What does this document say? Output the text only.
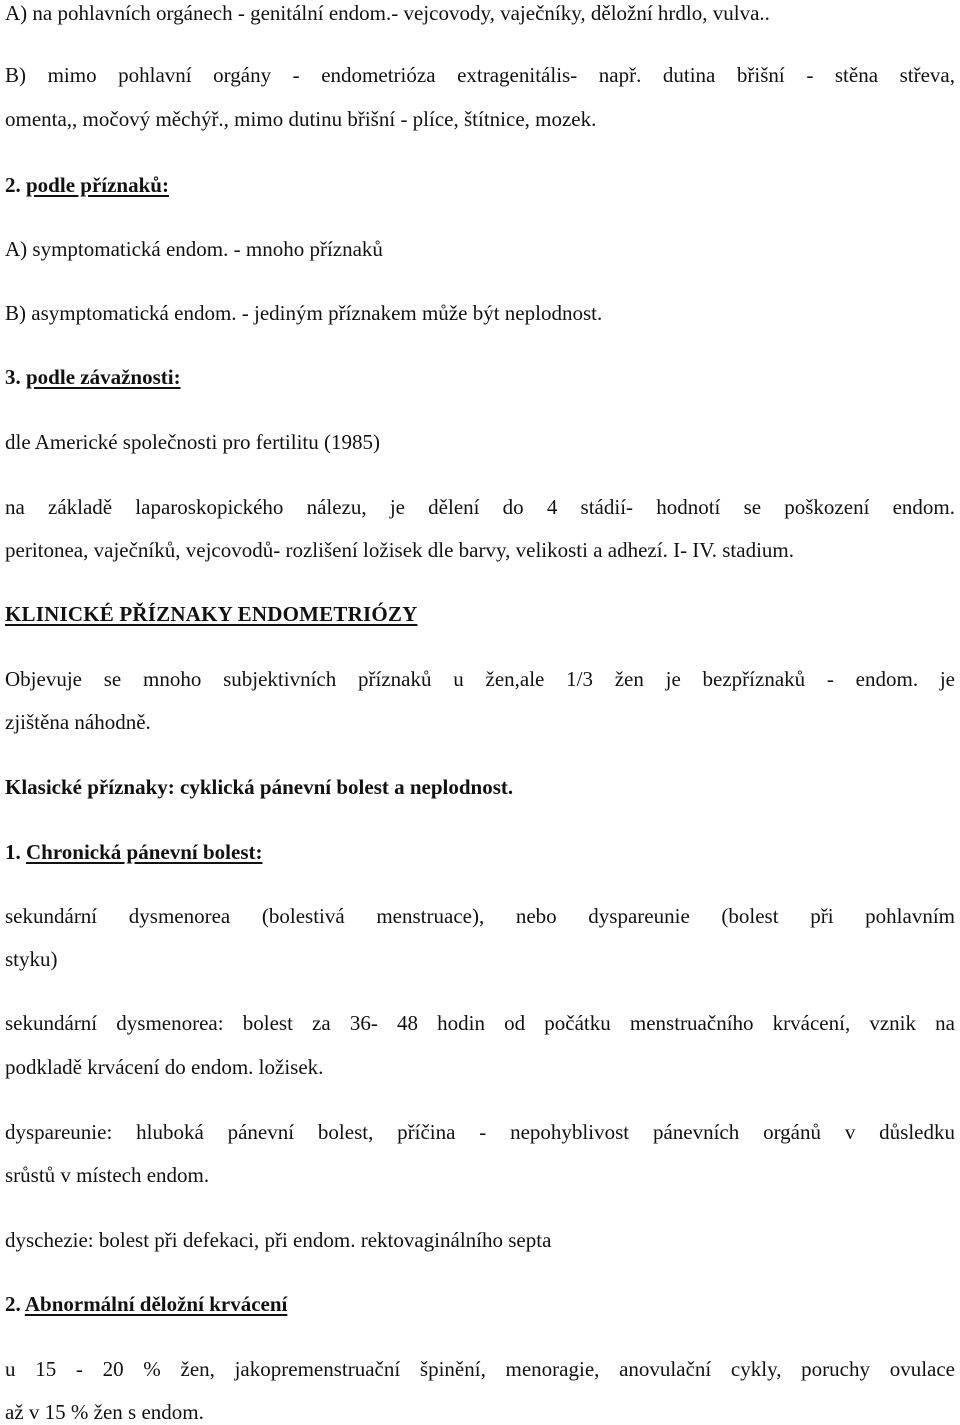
A) na pohlavních orgánech - genitální endom.- vejcovody, vaječníky, děložní hrdlo, vulva..
B) mimo pohlavní orgány - endometrióza extragenitális- např. dutina břišní - stěna střeva,
omenta,, močový měchýř., mimo dutinu břišní - plíce, štítnice, mozek.
2. podle příznaků:
A) symptomatická endom. - mnoho příznaků
B) asymptomatická endom. - jediným příznakem může být neplodnost.
3. podle závažnosti:
dle Americké společnosti pro fertilitu (1985)
na základě laparoskopického nálezu, je dělení do 4 stádií- hodnotí se poškození endom.
peritonea, vaječníků, vejcovodů- rozlišení ložisek dle barvy, velikosti a adhezí. I- IV. stadium.
KLINICKÉ PŘÍZNAKY ENDOMETRIÓZY
Objevuje se mnoho subjektivních příznaků u žen,ale 1/3 žen je bezpříznaků - endom. je
zjištěna náhodně.
Klasické příznaky: cyklická pánevní bolest a neplodnost.
1. Chronická pánevní bolest:
sekundární dysmenorea (bolestivá menstruace), nebo dyspareunie (bolest při pohlavním
styku)
sekundární dysmenorea: bolest za 36- 48 hodin od počátku menstruačního krvácení, vznik na
podkladě krvácení do endom. ložisek.
dyspareunie: hluboká pánevní bolest, příčina - nepohyblivost pánevních orgánů v důsledku
srůstů v místech endom.
dyschezie: bolest při defekaci, při endom. rektovaginálního septa
2. Abnormální děložní krvácení
u 15 - 20 % žen, jakopremenstruační špinění, menoragie, anovulační cykly, poruchy ovulace
až v 15 % žen s endom.
